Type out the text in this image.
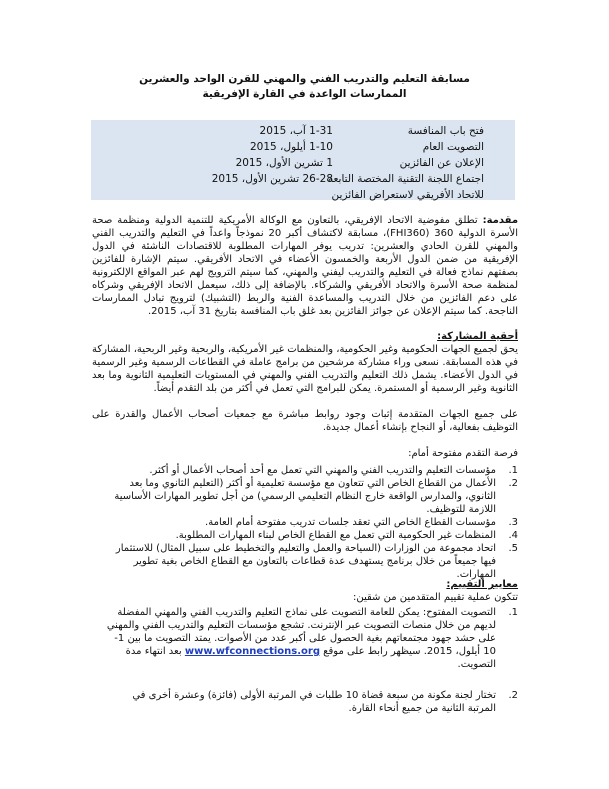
مسابقة التعليم والتدريب الفني والمهني للقرن الواحد والعشرين
الممارسات الواعدة في القارة الإفريقية
فتح باب المنافسة
1-31 آب، 2015
التصويت العام
1-10 أيلول، 2015
الإعلان عن الفائزين
1 تشرين الأول، 2015
اجتماع اللجنة التقنية المختصة التابعة
26-28 تشرين الأول، 2015
للاتحاد الأفريقي لاستعراض الفائزين
مقدمة: تطلق مفوضية الاتحاد الإفريقي، بالتعاون مع الوكالة الأمريكية للتنمية الدولية ومنظمة صحة الأسرة الدولية 360 (FHI360)، مسابقة لاكتشاف أكبر 20 نموذجاً واعداً في التعليم والتدريب الفني والمهني للقرن الحادي والعشرين: تدريب يوفر المهارات المطلوبة للاقتصادات الناشئة في الدول الإفريقية من ضمن الدول الأربعة والخمسون الأعضاء في الاتحاد الأفريقي. سيتم الإشارة للفائزين بصفتهم نماذج فعالة في التعليم والتدريب ليفني والمهني، كما سيتم الترويج لهم عبر المواقع الإلكترونية لمنظمة صحة الأسرة والاتحاد الأفريقي والشركاء. بالإضافة إلى ذلك، سيعمل الاتحاد الإفريقي وشركاه على دعم الفائزين من خلال التدريب والمساعدة الفنية والربط (التشبيك) لترويج تبادل الممارسات الناجحة. كما سيتم الإعلان عن جوائز الفائزين بعد غلق باب المنافسة بتاريخ 31 آب، 2015.
أحقية المشاركة:
يحق لجميع الجهات الحكومية وغير الحكومية، والمنظمات غير الأمريكية، والربحية وغير الربحية، المشاركة في هذه المسابقة. نسعى وراء مشاركة مرشحين من برامج عاملة في القطاعات الرسمية وغير الرسمية في الدول الأعضاء. يشمل ذلك التعليم والتدريب الفني والمهني في المستويات التعليمية الثانوية وما بعد الثانوية وغير الرسمية أو المستمرة. يمكن للبرامج التي تعمل في أكثر من بلد التقدم أيضاً.
على جميع الجهات المتقدمة إثبات وجود روابط مباشرة مع جمعيات أصحاب الأعمال والقدرة على التوظيف بفعالية، أو النجاح بإنشاء أعمال جديدة.
فرصة التقدم مفتوحة أمام:
1.
مؤسسات التعليم والتدريب الفني والمهني التي تعمل مع أحد أصحاب الأعمال أو أكثر.
2.
الأعمال من القطاع الخاص التي تتعاون مع مؤسسة تعليمية أو أكثر (التعليم الثانوي وما بعد الثانوي، والمدارس الواقعة خارج النظام التعليمي الرسمي) من أجل تطوير المهارات الأساسية اللازمة للتوظيف.
3.
مؤسسات القطاع الخاص التي تعقد جلسات تدريب مفتوحة أمام العامة.
4.
المنظمات غير الحكومية التي تعمل مع القطاع الخاص لبناء المهارات المطلوبة.
5.
اتحاد مجموعة من الوزارات (السياحة والعمل والتعليم والتخطيط على سبيل المثال) للاستثمار فيها جميعاً من خلال برنامج يستهدف عدة قطاعات بالتعاون مع القطاع الخاص بغية تطوير المهارات.
معايير التقييم:
تتكون عملية تقييم المتقدمين من شقين:
1.
التصويت المفتوح: يمكن للعامة التصويت على نماذج التعليم والتدريب الفني والمهني المفضلة لديهم من خلال منصات التصويت عبر الإنترنت. تشجع مؤسسات التعليم والتدريب الفني والمهني على حشد جهود مجتمعاتهم بغية الحصول على أكبر عدد من الأصوات. يمتد التصويت ما بين 1-10 أيلول، 2015. سيظهر رابط على موقع www.wfconnections.org بعد انتهاء مدة التصويت.
2.
تختار لجنة مكونة من سبعة قضاة 10 طلبات في المرتبة الأولى (فائزة) وعشرة أخرى في المرتبة الثانية من جميع أنحاء القارة.
